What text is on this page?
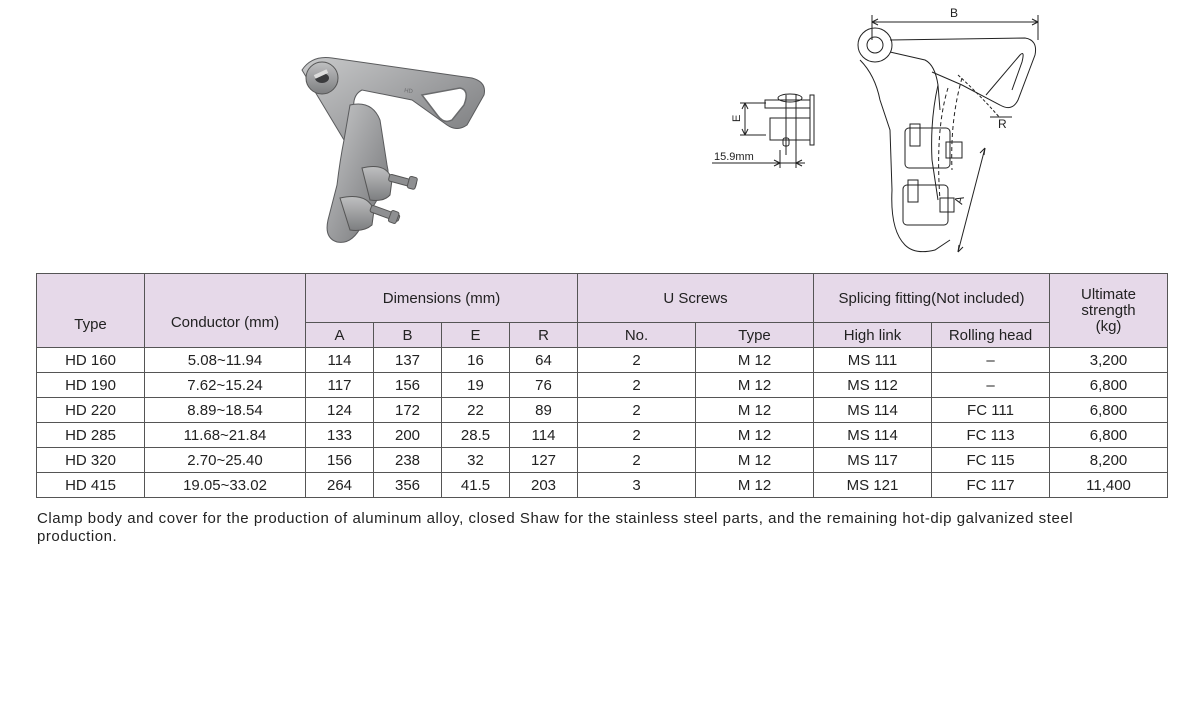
HD
B
R
A
E
15.9mm
Type	Conductor (mm)	Dimensions (mm)				U Screws		Splicing fitting(Not included)		Ultimate
strength
(kg)
		A	B	E	R	No.	Type	High link	Rolling head	
HD 160	5.08~11.94	114	137	16	64	2	M 12	MS 111	–	3,200
HD 190	7.62~15.24	117	156	19	76	2	M 12	MS 112	–	6,800
HD 220	8.89~18.54	124	172	22	89	2	M 12	MS 114	FC 111	6,800
HD 285	11.68~21.84	133	200	28.5	114	2	M 12	MS 114	FC 113	6,800
HD 320	2.70~25.40	156	238	32	127	2	M 12	MS 117	FC 115	8,200
HD 415	19.05~33.02	264	356	41.5	203	3	M 12	MS 121	FC 117	11,400
Clamp body and cover for the production of aluminum alloy, closed Shaw for the stainless steel parts, and the remaining hot-dip galvanized steel production.
